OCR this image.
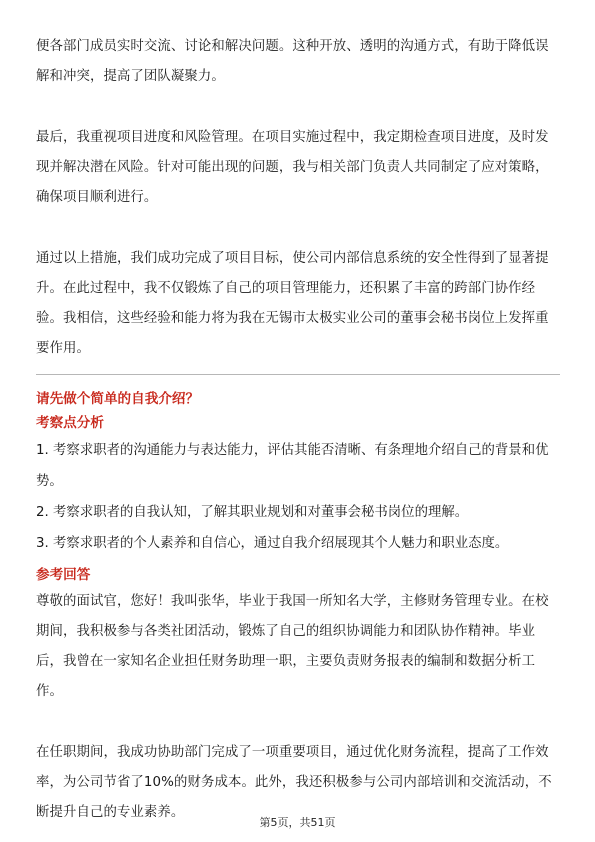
便各部门成员实时交流、讨论和解决问题。这种开放、透明的沟通方式，有助于降低误解和冲突，提高了团队凝聚力。

最后，我重视项目进度和风险管理。在项目实施过程中，我定期检查项目进度，及时发现并解决潜在风险。针对可能出现的问题，我与相关部门负责人共同制定了应对策略，确保项目顺利进行。

通过以上措施，我们成功完成了项目目标，使公司内部信息系统的安全性得到了显著提升。在此过程中，我不仅锻炼了自己的项目管理能力，还积累了丰富的跨部门协作经验。我相信，这些经验和能力将为我在无锡市太极实业公司的董事会秘书岗位上发挥重要作用。

请先做个简单的自我介绍？

考察点分析

1. 考察求职者的沟通能力与表达能力，评估其能否清晰、有条理地介绍自己的背景和优势。

2. 考察求职者的自我认知，了解其职业规划和对董事会秘书岗位的理解。

3. 考察求职者的个人素养和自信心，通过自我介绍展现其个人魅力和职业态度。

参考回答

尊敬的面试官，您好！我叫张华，毕业于我国一所知名大学，主修财务管理专业。在校期间，我积极参与各类社团活动，锻炼了自己的组织协调能力和团队协作精神。毕业后，我曾在一家知名企业担任财务助理一职，主要负责财务报表的编制和数据分析工作。

在任职期间，我成功协助部门完成了一项重要项目，通过优化财务流程，提高了工作效率，为公司节省了10%的财务成本。此外，我还积极参与公司内部培训和交流活动，不断提升自己的专业素养。

第5页，共51页
